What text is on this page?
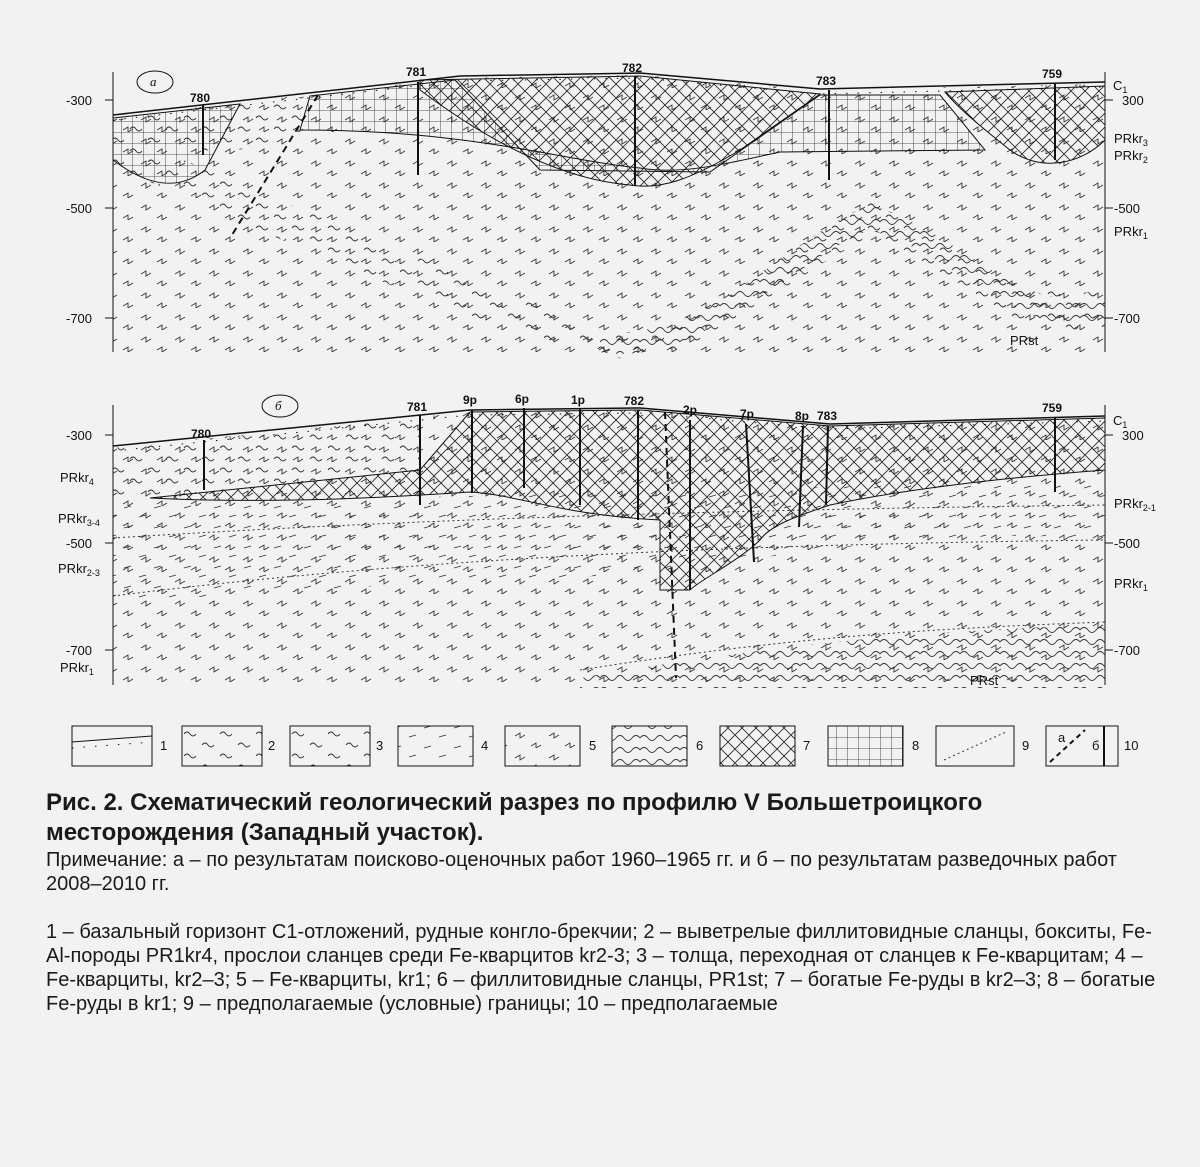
а
780
781	782
783	759
-300
-500
-700
300
-500
-700
$C_1$
PRkr$_3$
PRkr$_2$
PRkr$_1$
PRst
б
780
781	9р	6р	1р	782
2р	7р	8р 783
759
-300
-500
-700
300
-500
-700
$C_1$
PRkr$_4$
PRkr$_{3-4}$
PRkr$_{2-3}$
PRkr$_1$
PRkr$_{2-1}$
PRkr$_1$
PRst
1	2	3	4	5	6	7	8	9
а
б 10

Рис. 2. Схематический геологический разрез по профилю V Большетроицкого месторождения (Западный участок).

Примечание: а – по результатам поисково-оценочных работ 1960–1965 гг. и б – по результатам разведочных работ 2008–2010 гг.

1 – базальный горизонт С1-отложений, рудные конгло-брекчии; 2 – выветрелые филлитовидные сланцы, бокситы, Fe-Al-породы PR1kr4, прослои сланцев среди Fe-кварцитов kr2-3; 3 – толща, переходная от сланцев к Fe-кварцитам; 4 – Fe-кварциты, kr2–3; 5 – Fe-кварциты, kr1; 6 – филлитовидные сланцы, PR1st; 7 – богатые Fe-руды в kr2–3; 8 – богатые Fe-руды в kr1; 9 – предполагаемые (условные) границы; 10 – предполагаемые
